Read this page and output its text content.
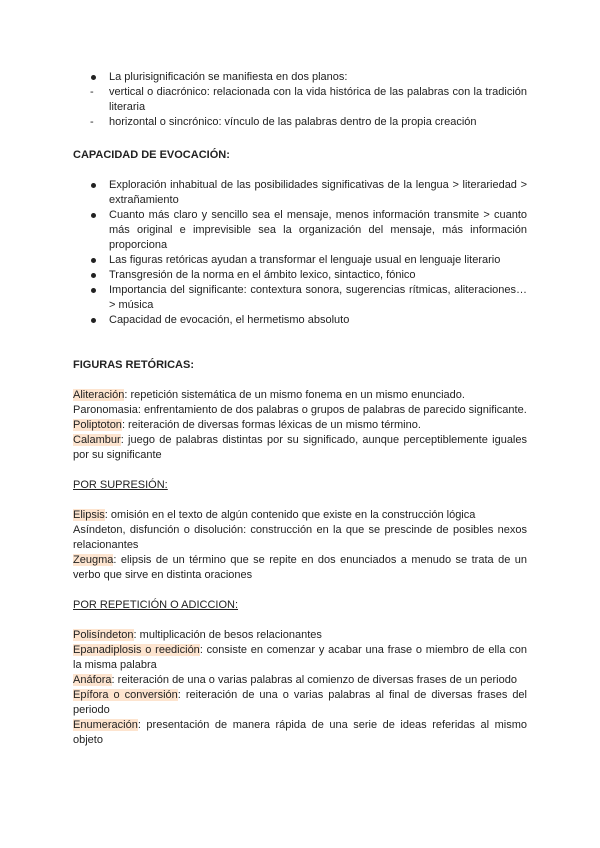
La plurisignificación se manifiesta en dos planos:
- vertical o diacrónico: relacionada con la vida histórica de las palabras con la tradición literaria
- horizontal o sincrónico: vínculo de las palabras dentro de la propia creación
CAPACIDAD DE EVOCACIÓN:
Exploración inhabitual de las posibilidades significativas de la lengua > literariedad > extrañamiento
Cuanto más claro y sencillo sea el mensaje, menos información transmite > cuanto más original e imprevisible sea la organización del mensaje, más información proporciona
Las figuras retóricas ayudan a transformar el lenguaje usual en lenguaje literario
Transgresión de la norma en el ámbito lexico, sintactico, fónico
Importancia del significante: contextura sonora, sugerencias rítmicas, aliteraciones…> música
Capacidad de evocación, el hermetismo absoluto
FIGURAS RETÓRICAS:
Aliteración: repetición sistemática de un mismo fonema en un mismo enunciado.
Paronomasia: enfrentamiento de dos palabras o grupos de palabras de parecido significante.
Poliptoton: reiteración de diversas formas léxicas de un mismo término.
Calambur: juego de palabras distintas por su significado, aunque perceptiblemente iguales por su significante
POR SUPRESIÓN:
Elipsis: omisión en el texto de algún contenido que existe en la construcción lógica
Asíndeton, disfunción o disolución: construcción en la que se prescinde de posibles nexos relacionantes
Zeugma: elipsis de un término que se repite en dos enunciados a menudo se trata de un verbo que sirve en distinta oraciones
POR REPETICIÓN O ADICCION:
Polisíndeton: multiplicación de besos relacionantes
Epanadiplosis o reedición: consiste en comenzar y acabar una frase o miembro de ella con la misma palabra
Anáfora: reiteración de una o varias palabras al comienzo de diversas frases de un periodo
Epífora o conversión: reiteración de una o varias palabras al final de diversas frases del periodo
Enumeración: presentación de manera rápida de una serie de ideas referidas al mismo objeto
